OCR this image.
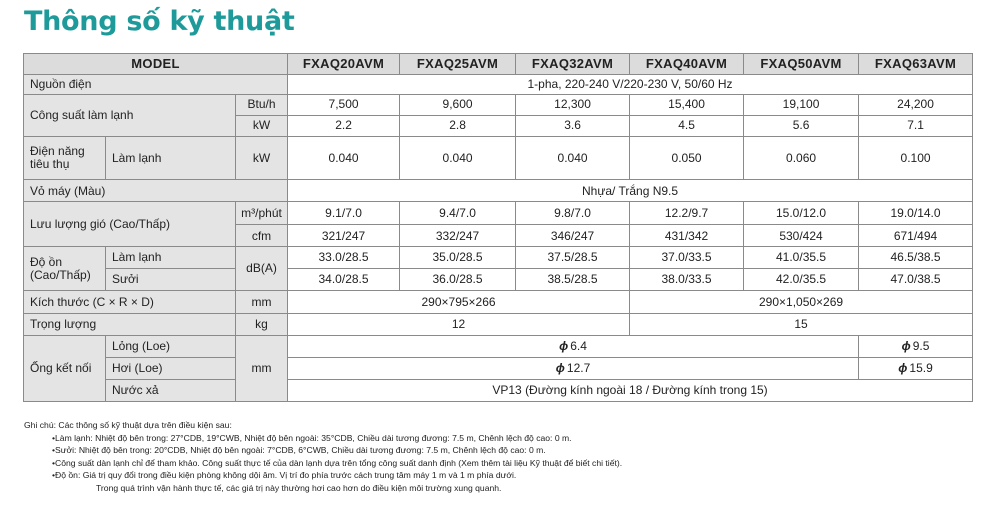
Thông số kỹ thuật
MODEL			FXAQ20AVM	FXAQ25AVM	FXAQ32AVM	FXAQ40AVM	FXAQ50AVM	FXAQ63AVM
Nguồn điện			1-pha, 220-240 V/220-230 V, 50/60 Hz					
Công suất làm lạnh		Btu/h	7,500	9,600	12,300	15,400	19,100	24,200
		kW	2.2	2.8	3.6	4.5	5.6	7.1
Điện năng tiêu thụ	Làm lạnh	kW	0.040	0.040	0.040	0.050	0.060	0.100
Vỏ máy (Màu)			Nhựa/ Trắng N9.5					
Lưu lượng gió (Cao/Thấp)		m³/phút	9.1/7.0	9.4/7.0	9.8/7.0	12.2/9.7	15.0/12.0	19.0/14.0
		cfm	321/247	332/247	346/247	431/342	530/424	671/494
Độ ồn (Cao/Thấp)	Làm lạnh	dB(A)	33.0/28.5	35.0/28.5	37.5/28.5	37.0/33.5	41.0/35.5	46.5/38.5
	Sưởi		34.0/28.5	36.0/28.5	38.5/28.5	38.0/33.5	42.0/35.5	47.0/38.5
Kích thước (C × R × D)		mm	290×795×266			290×1,050×269		
Trọng lượng		kg	12			15		
Ống kết nối	Lỏng (Loe)	mm	ϕ 6.4					ϕ 9.5
	Hơi (Loe)		ϕ 12.7					ϕ 15.9
	Nước xả		VP13 (Đường kính ngoài 18 / Đường kính trong 15)					
Ghi chú: Các thông số kỹ thuật dựa trên điều kiện sau:
•Làm lạnh: Nhiệt độ bên trong: 27°CDB, 19°CWB, Nhiệt độ bên ngoài: 35°CDB, Chiều dài tương đương: 7.5 m, Chênh lệch độ cao: 0 m.
•Sưởi: Nhiệt độ bên trong: 20°CDB, Nhiệt độ bên ngoài: 7°CDB, 6°CWB, Chiều dài tương đương: 7.5 m, Chênh lệch độ cao: 0 m.
•Công suất dàn lạnh chỉ để tham khảo. Công suất thực tế của dàn lạnh dựa trên tổng công suất danh định (Xem thêm tài liệu Kỹ thuật để biết chi tiết).
•Độ ồn: Giá trị quy đổi trong điều kiện phòng không dội âm. Vị trí đo phía trước cách trung tâm máy 1 m và 1 m phía dưới.
Trong quá trình vận hành thực tế, các giá trị này thường hơi cao hơn do điều kiện môi trường xung quanh.
